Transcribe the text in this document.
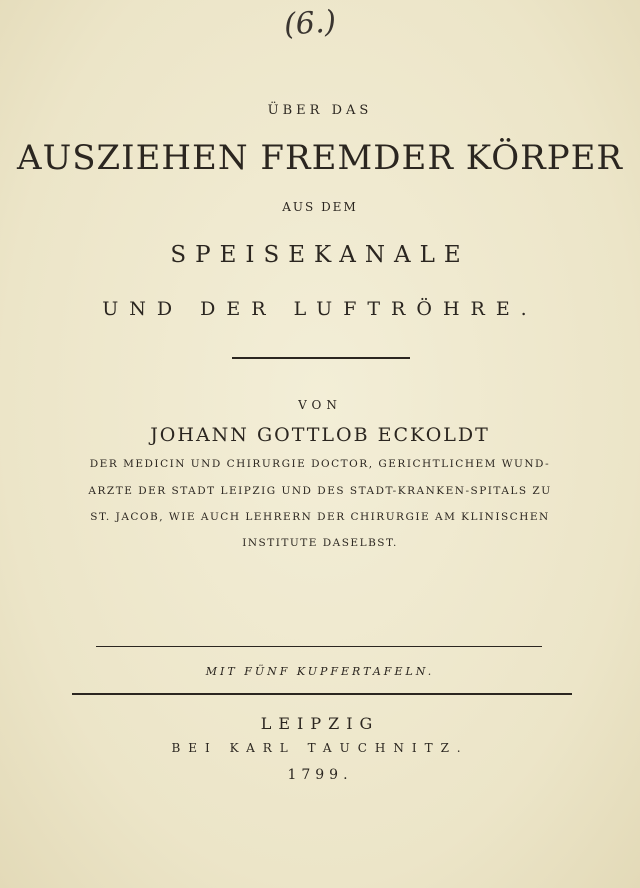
(6.)
ÜBER DAS
AUSZIEHEN FREMDER KÖRPER
AUS DEM
SPEISEKANALE
UND DER LUFTRÖHRE.
VON
JOHANN GOTTLOB ECKOLDT
DER MEDICIN UND CHIRURGIE DOCTOR, GERICHTLICHEM WUND-
ARZTE DER STADT LEIPZIG UND DES STADT-KRANKEN-SPITALS ZU
ST. JACOB, WIE AUCH LEHRERN DER CHIRURGIE AM KLINISCHEN
INSTITUTE DASELBST.
MIT FÜNF KUPFERTAFELN.
LEIPZIG
BEI KARL TAUCHNITZ.
1799.
